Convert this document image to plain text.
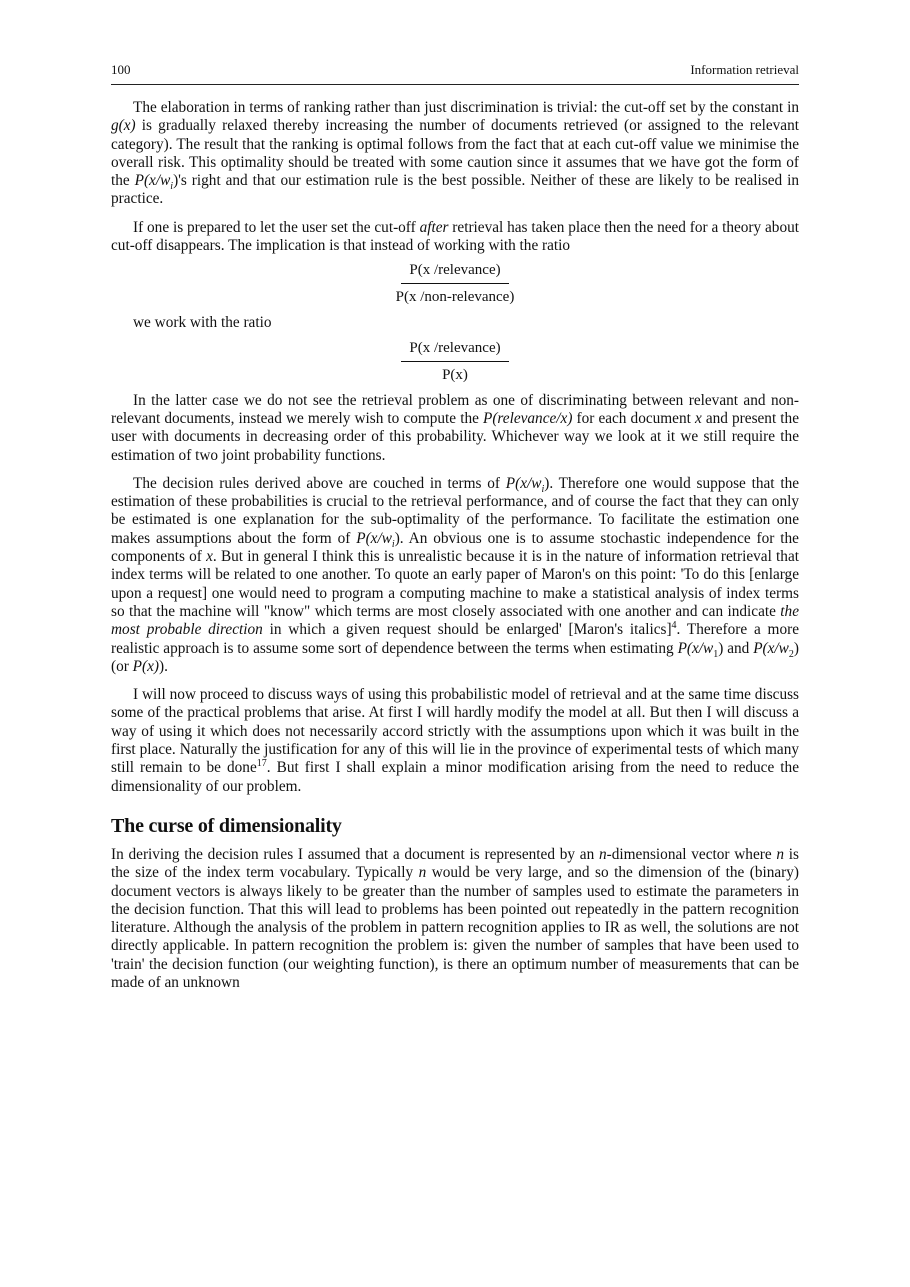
100	Information retrieval

The elaboration in terms of ranking rather than just discrimination is trivial: the cut-off set by the constant in g(x) is gradually relaxed thereby increasing the number of documents retrieved (or assigned to the relevant category). The result that the ranking is optimal follows from the fact that at each cut-off value we minimise the overall risk. This optimality should be treated with some caution since it assumes that we have got the form of the $P(x/w_i)'s$ right and that our estimation rule is the best possible. Neither of these are likely to be realised in practice.

If one is prepared to let the user set the cut-off after retrieval has taken place then the need for a theory about cut-off disappears. The implication is that instead of working with the ratio

P(x /relevance)
P(x /non-relevance)
we work with the ratio
P(x /relevance)
P(x)

In the latter case we do not see the retrieval problem as one of discriminating between relevant and non-relevant documents, instead we merely wish to compute the P(relevance/x) for each document x and present the user with documents in decreasing order of this probability. Whichever way we look at it we still require the estimation of two joint probability functions.

The decision rules derived above are couched in terms of $P(x/w_i)$. Therefore one would suppose that the estimation of these probabilities is crucial to the retrieval performance, and of course the fact that they can only be estimated is one explanation for the sub-optimality of the performance. To facilitate the estimation one makes assumptions about the form of $P(x/w_i)$. An obvious one is to assume stochastic independence for the components of x. But in general I think this is unrealistic because it is in the nature of information retrieval that index terms will be related to one another. To quote an early paper of Maron's on this point: 'To do this [enlarge upon a request] one would need to program a computing machine to make a statistical analysis of index terms so that the machine will "know" which terms are most closely associated with one another and can indicate the most probable direction in which a given request should be enlarged' [Maron's italics]$^4$. Therefore a more realistic approach is to assume some sort of dependence between the terms when estimating $P(x/w_1)$ and $P(x/w_2)$ (or P(x)).

I will now proceed to discuss ways of using this probabilistic model of retrieval and at the same time discuss some of the practical problems that arise. At first I will hardly modify the model at all. But then I will discuss a way of using it which does not necessarily accord strictly with the assumptions upon which it was built in the first place. Naturally the justification for any of this will lie in the province of experimental tests of which many still remain to be done$^{17}$. But first I shall explain a minor modification arising from the need to reduce the dimensionality of our problem.

The curse of dimensionality

In deriving the decision rules I assumed that a document is represented by an n-dimensional vector where n is the size of the index term vocabulary. Typically n would be very large, and so the dimension of the (binary) document vectors is always likely to be greater than the number of samples used to estimate the parameters in the decision function. That this will lead to problems has been pointed out repeatedly in the pattern recognition literature. Although the analysis of the problem in pattern recognition applies to IR as well, the solutions are not directly applicable. In pattern recognition the problem is: given the number of samples that have been used to 'train' the decision function (our weighting function), is there an optimum number of measurements that can be made of an unknown
